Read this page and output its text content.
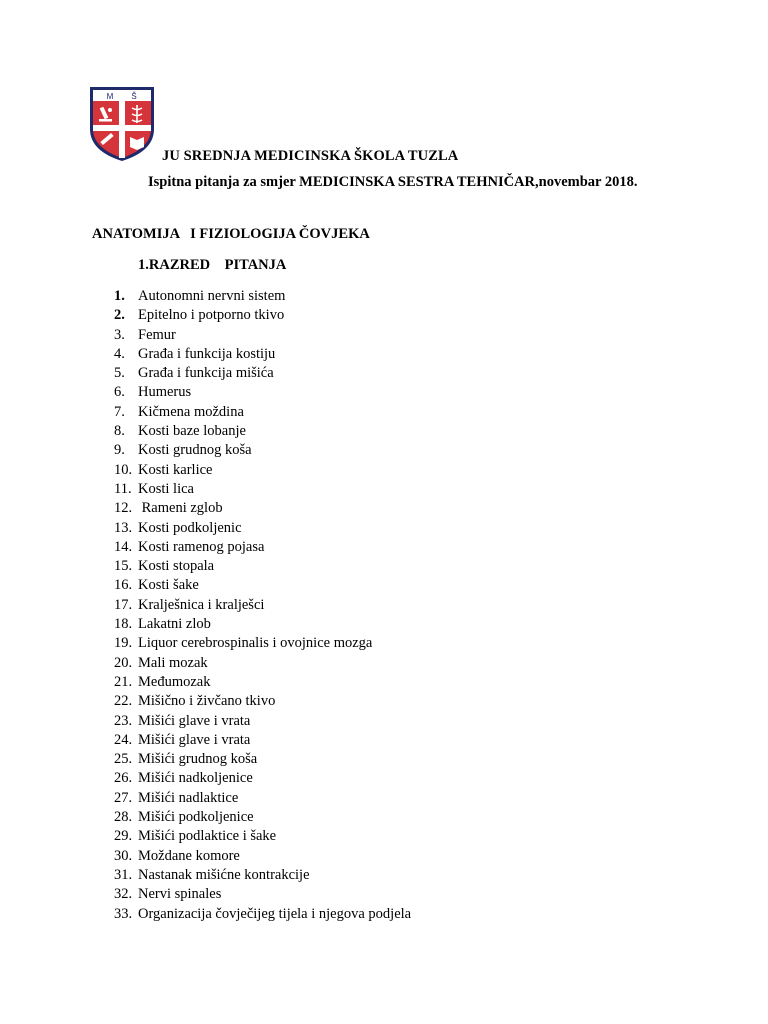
M Š
JU SREDNJA MEDICINSKA ŠKOLA TUZLA
Ispitna pitanja za smjer MEDICINSKA SESTRA TEHNIČAR,novembar 2018.
ANATOMIJA   I FIZIOLOGIJA ČOVJEKA
1.RAZRED    PITANJA
1. Autonomni nervni sistem
2. Epitelno i potporno tkivo
3. Femur
4. Građa i funkcija kostiju
5. Građa i funkcija mišića
6. Humerus
7. Kičmena moždina
8. Kosti baze lobanje
9. Kosti grudnog koša
10. Kosti karlice
11. Kosti lica
12. Rameni zglob
13. Kosti podkoljenic
14. Kosti ramenog pojasa
15. Kosti stopala
16. Kosti šake
17. Kralješnica i kralješci
18. Lakatni zlob
19. Liquor cerebrospinalis i ovojnice mozga
20. Mali mozak
21. Međumozak
22. Mišično i živčano tkivo
23. Mišići glave i vrata
24. Mišići glave i vrata
25. Mišići grudnog koša
26. Mišići nadkoljenice
27. Mišići nadlaktice
28. Mišići podkoljenice
29. Mišići podlaktice i šake
30. Moždane komore
31. Nastanak mišićne kontrakcije
32. Nervi spinales
33. Organizacija čovječijeg tijela i njegova podjela
